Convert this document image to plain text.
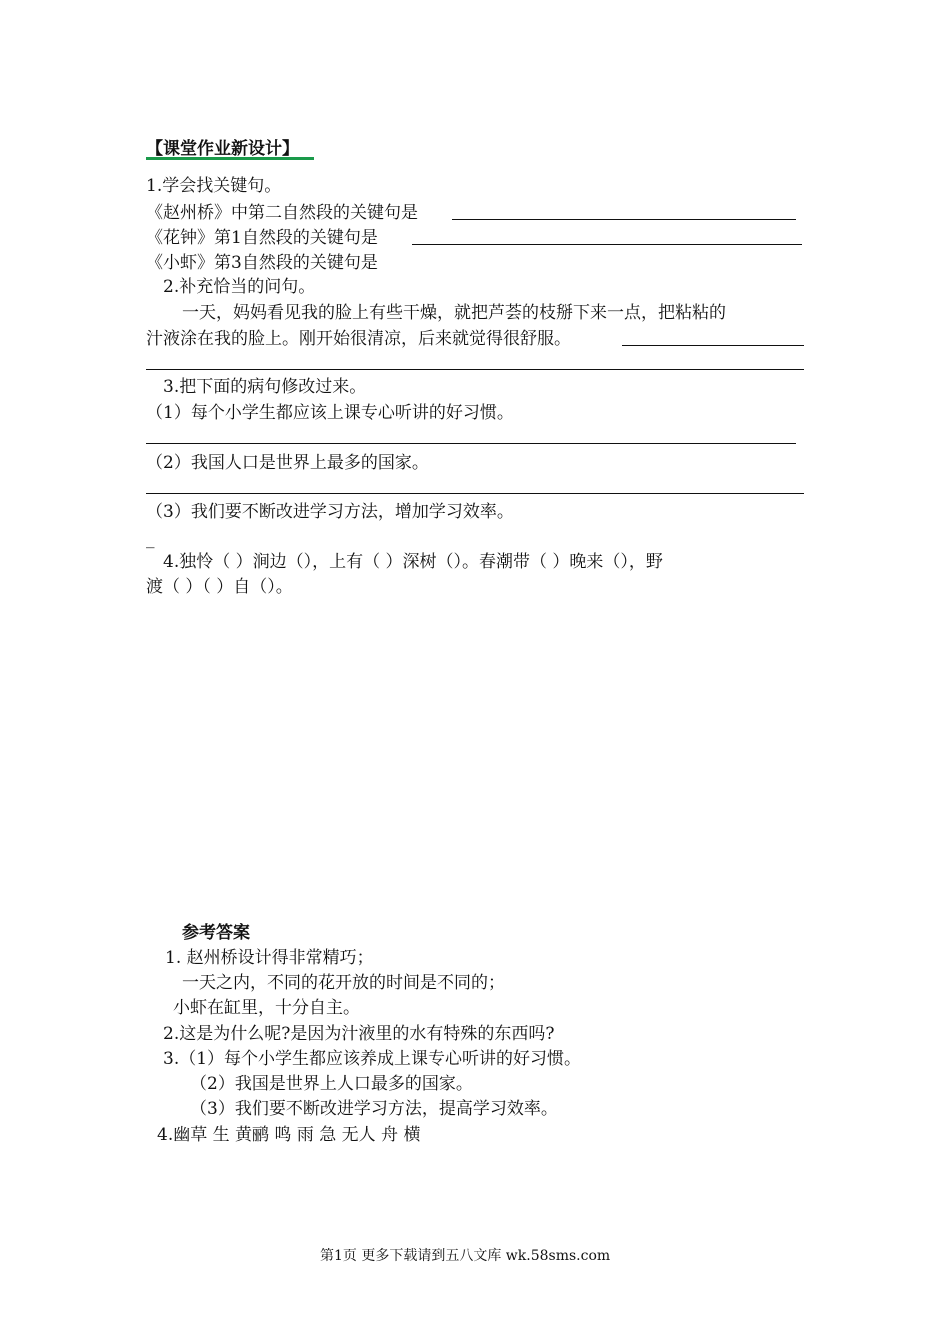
【课堂作业新设计】
1.学会找关键句。
《赵州桥》中第二自然段的关键句是
《花钟》第1自然段的关键句是
《小虾》第3自然段的关键句是
2.补充恰当的问句。
一天，妈妈看见我的脸上有些干燥，就把芦荟的枝掰下来一点，把粘粘的
汁液涂在我的脸上。刚开始很清凉，后来就觉得很舒服。
3.把下面的病句修改过来。
（1）每个小学生都应该上课专心听讲的好习惯。
（2）我国人口是世界上最多的国家。
（3）我们要不断改进学习方法，增加学习效率。
_
4.独怜（ ）涧边（），上有（ ）深树（）。春潮带（ ）晚来（），野
渡（ ）（ ）自（）。
参考答案
1. 赵州桥设计得非常精巧；
一天之内，不同的花开放的时间是不同的；
小虾在缸里，十分自主。
2.这是为什么呢?是因为汁液里的水有特殊的东西吗?
3.（1）每个小学生都应该养成上课专心听讲的好习惯。
（2）我国是世界上人口最多的国家。
（3）我们要不断改进学习方法，提高学习效率。
4.幽草 生 黄鹂 鸣 雨 急 无人 舟 横
第1页 更多下载请到五八文库 wk.58sms.com
